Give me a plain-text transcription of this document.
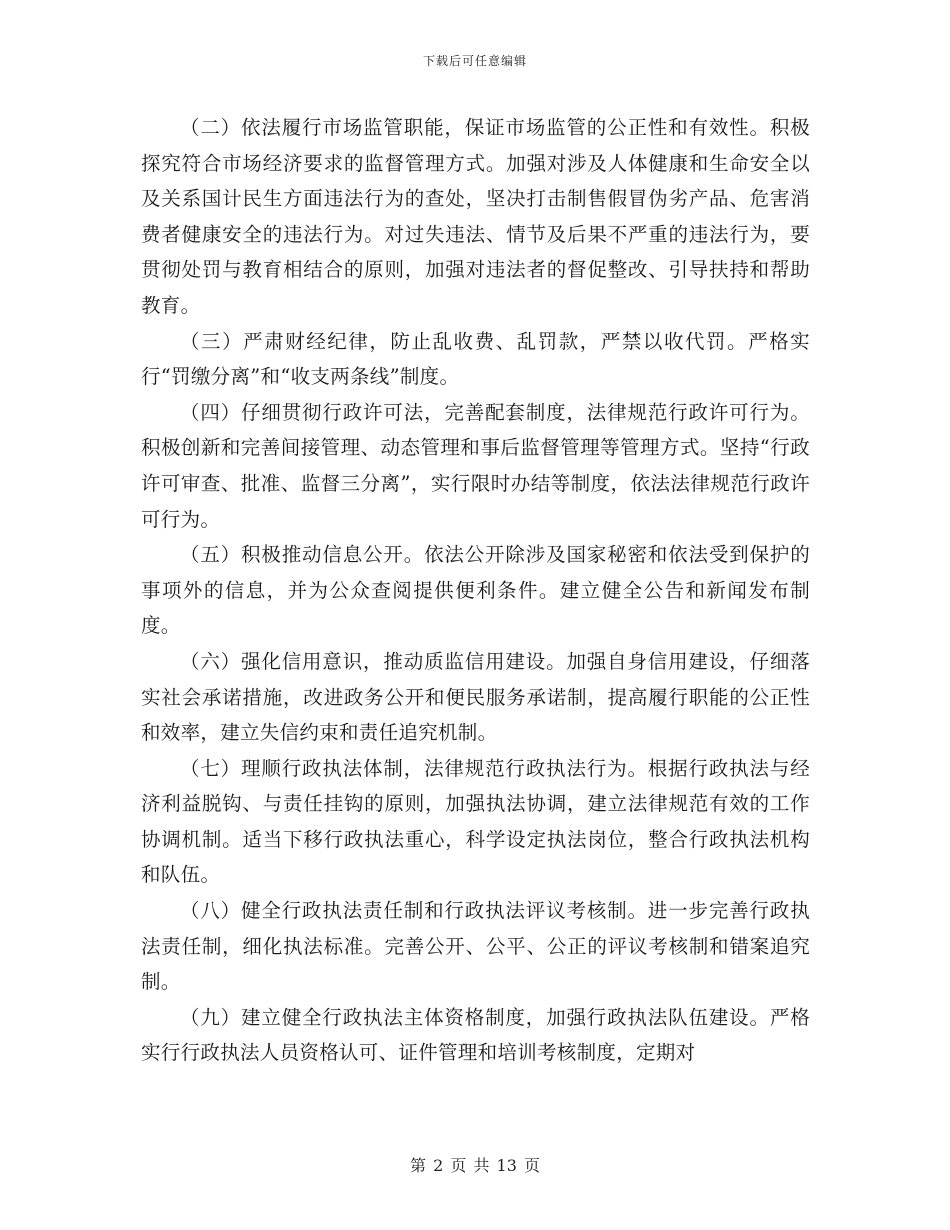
下载后可任意编辑

（二）依法履行市场监管职能，保证市场监管的公正性和有效性。积极探究符合市场经济要求的监督管理方式。加强对涉及人体健康和生命安全以及关系国计民生方面违法行为的查处，坚决打击制售假冒伪劣产品、危害消费者健康安全的违法行为。对过失违法、情节及后果不严重的违法行为，要贯彻处罚与教育相结合的原则，加强对违法者的督促整改、引导扶持和帮助教育。

（三）严肃财经纪律，防止乱收费、乱罚款，严禁以收代罚。严格实行“罚缴分离”和“收支两条线”制度。

（四）仔细贯彻行政许可法，完善配套制度，法律规范行政许可行为。积极创新和完善间接管理、动态管理和事后监督管理等管理方式。坚持“行政许可审查、批准、监督三分离”，实行限时办结等制度，依法法律规范行政许可行为。

（五）积极推动信息公开。依法公开除涉及国家秘密和依法受到保护的事项外的信息，并为公众查阅提供便利条件。建立健全公告和新闻发布制度。

（六）强化信用意识，推动质监信用建设。加强自身信用建设，仔细落实社会承诺措施，改进政务公开和便民服务承诺制，提高履行职能的公正性和效率，建立失信约束和责任追究机制。

（七）理顺行政执法体制，法律规范行政执法行为。根据行政执法与经济利益脱钩、与责任挂钩的原则，加强执法协调，建立法律规范有效的工作协调机制。适当下移行政执法重心，科学设定执法岗位，整合行政执法机构和队伍。

（八）健全行政执法责任制和行政执法评议考核制。进一步完善行政执法责任制，细化执法标准。完善公开、公平、公正的评议考核制和错案追究制。

（九）建立健全行政执法主体资格制度，加强行政执法队伍建设。严格实行行政执法人员资格认可、证件管理和培训考核制度，定期对

第 2 页 共 13 页
